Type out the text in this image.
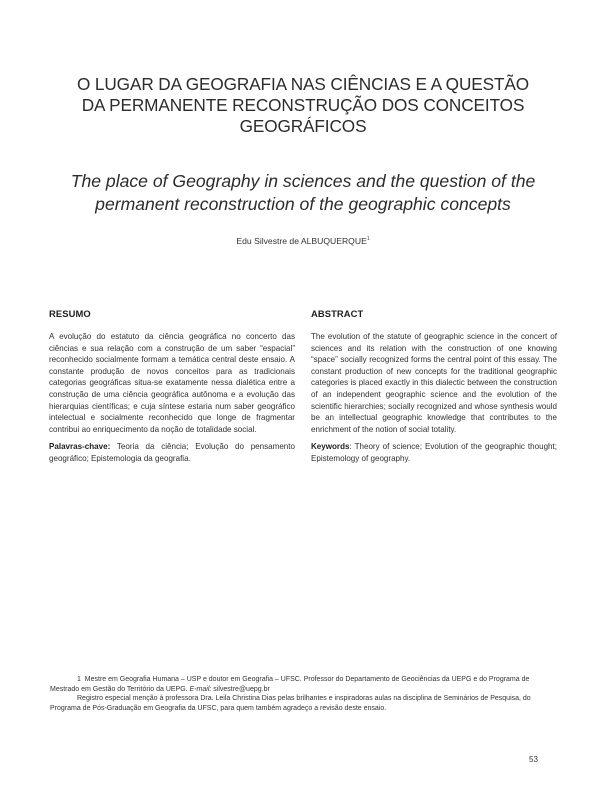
O LUGAR DA GEOGRAFIA NAS CIÊNCIAS E A QUESTÃO
DA PERMANENTE RECONSTRUÇÃO DOS CONCEITOS
GEOGRÁFICOS
The place of Geography in sciences and the question of the
permanent reconstruction of the geographic concepts
Edu Silvestre de ALBUQUERQUE$^1$
RESUMO

A evolução do estatuto da ciência geográfica no concerto das ciências e sua relação com a construção de um saber “espacial” reconhecido socialmente formam a temática central deste ensaio. A constante produção de novos conceitos para as tradicionais categorias geográficas situa-se exatamente nessa dialética entre a construção de uma ciência geográfica autônoma e a evolução das hierarquias científicas; e cuja síntese estaria num saber geográfico intelectual e socialmente reconhecido que longe de fragmentar contribui ao enriquecimento da noção de totalidade social.

Palavras-chave: Teoria da ciência; Evolução do pensamento geográfico; Epistemologia da geografia.

ABSTRACT

The evolution of the statute of geographic science in the concert of sciences and its relation with the construction of one knowing “space” socially recognized forms the central point of this essay. The constant production of new concepts for the traditional geographic categories is placed exactly in this dialectic between the construction of an independent geographic science and the evolution of the scientific hierarchies; socially recognized and whose synthesis would be an intellectual geographic knowledge that contributes to the enrichment of the notion of social totality.

Keywords: Theory of science; Evolution of the geographic thought; Epistemology of geography.

1 Mestre em Geografia Humana – USP e doutor em Geografia – UFSC. Professor do Departamento de Geociências da UEPG e do Programa de Mestrado em Gestão do Território da UEPG. E-mail: silvestre@uepg.br

Registro especial menção à professora Dra. Leila Christina Dias pelas brilhantes e inspiradoras aulas na disciplina de Seminários de Pesquisa, do Programa de Pós-Graduação em Geografia da UFSC, para quem também agradeço a revisão deste ensaio.

53
